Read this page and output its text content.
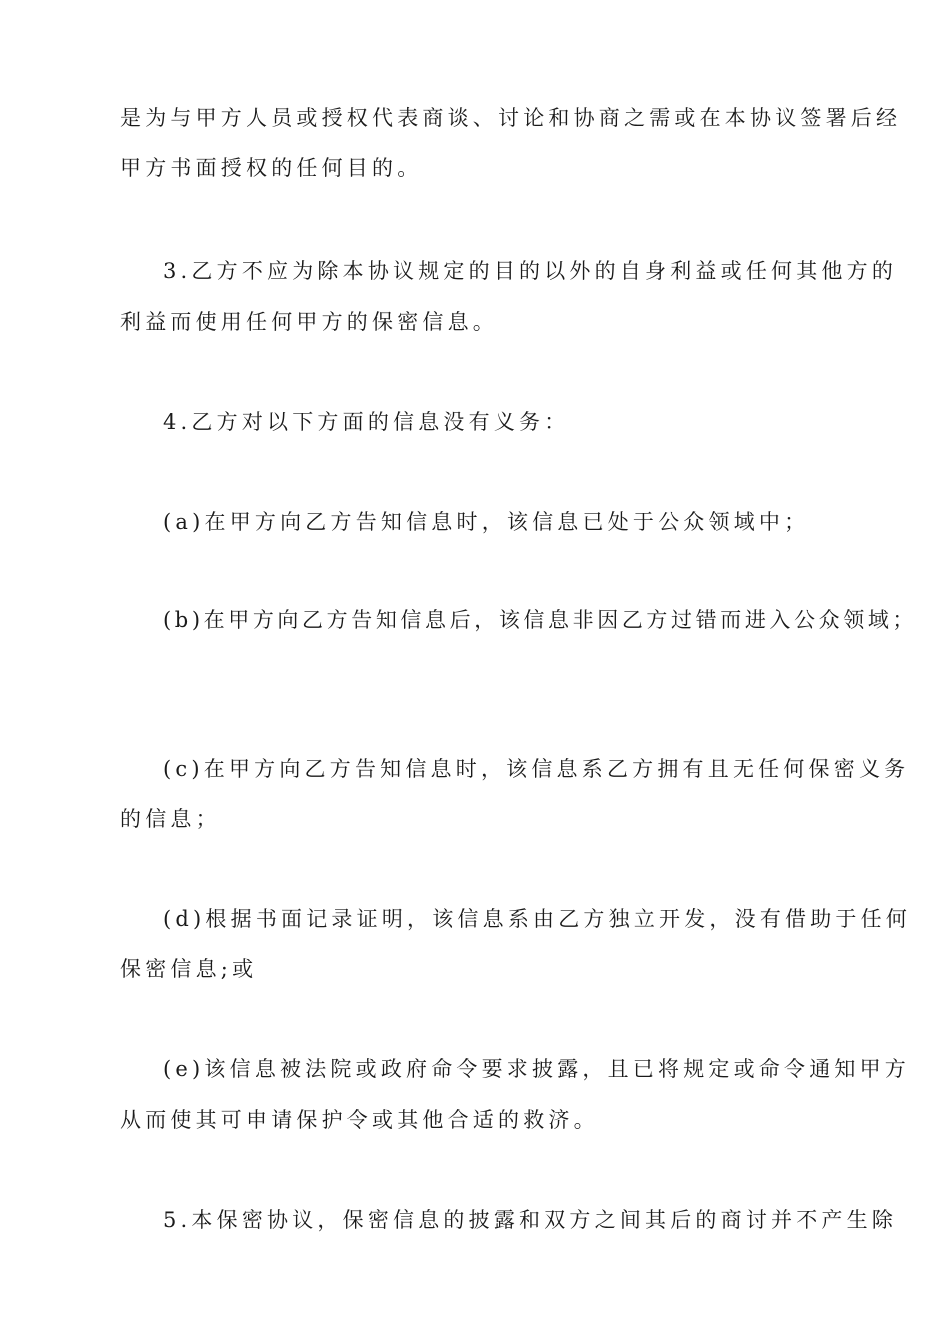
是为与甲方人员或授权代表商谈、讨论和协商之需或在本协议签署后经
甲方书面授权的任何目的。
3.乙方不应为除本协议规定的目的以外的自身利益或任何其他方的
利益而使用任何甲方的保密信息。
4.乙方对以下方面的信息没有义务：
(a)在甲方向乙方告知信息时，该信息已处于公众领域中；
(b)在甲方向乙方告知信息后，该信息非因乙方过错而进入公众领域；
(c)在甲方向乙方告知信息时，该信息系乙方拥有且无任何保密义务
的信息；
(d)根据书面记录证明，该信息系由乙方独立开发，没有借助于任何
保密信息;或
(e)该信息被法院或政府命令要求披露，且已将规定或命令通知甲方
从而使其可申请保护令或其他合适的救济。
5.本保密协议，保密信息的披露和双方之间其后的商讨并不产生除
